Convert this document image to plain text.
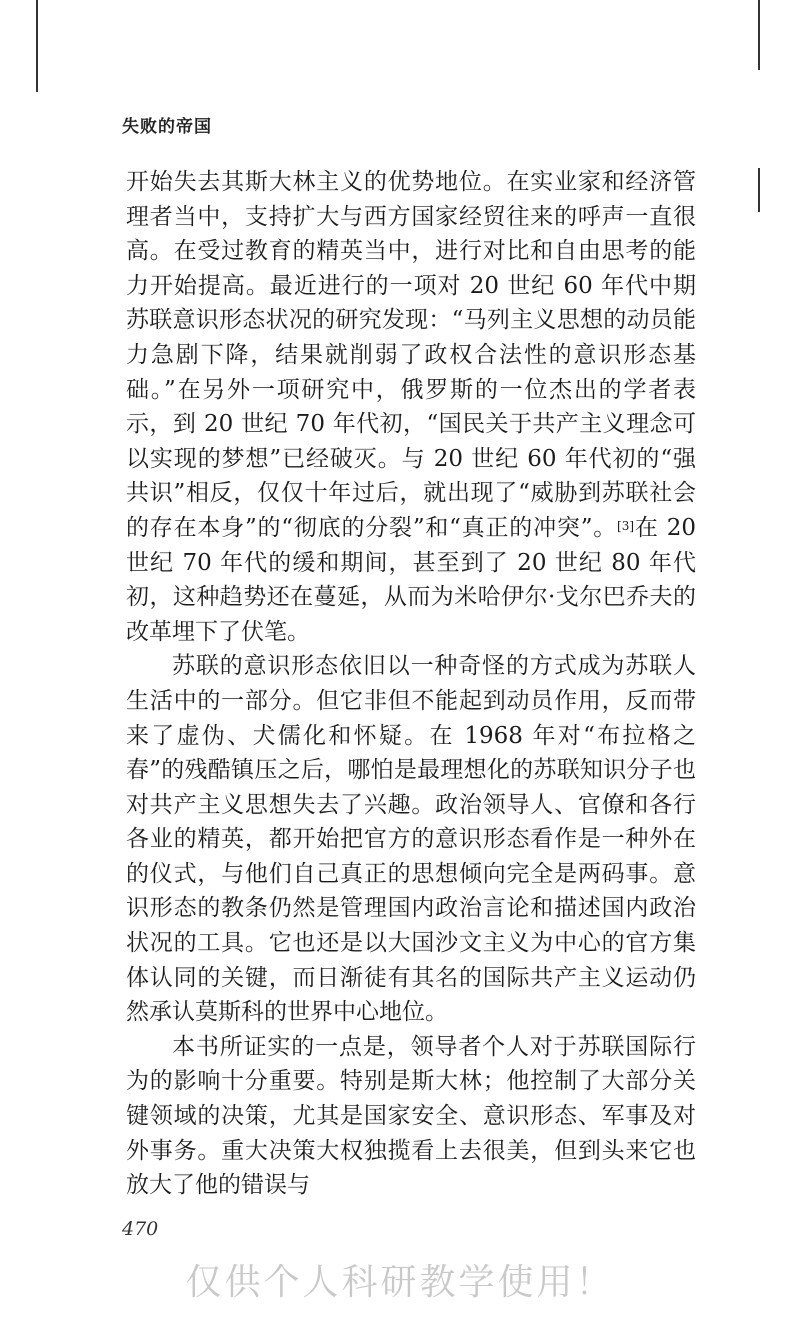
失败的帝国

开始失去其斯大林主义的优势地位。在实业家和经济管理者当中，支持扩大与西方国家经贸往来的呼声一直很高。在受过教育的精英当中，进行对比和自由思考的能力开始提高。最近进行的一项对 20 世纪 60 年代中期苏联意识形态状况的研究发现：“马列主义思想的动员能力急剧下降，结果就削弱了政权合法性的意识形态基础。”在另外一项研究中，俄罗斯的一位杰出的学者表示，到 20 世纪 70 年代初，“国民关于共产主义理念可以实现的梦想”已经破灭。与 20 世纪 60 年代初的“强共识”相反，仅仅十年过后，就出现了“威胁到苏联社会的存在本身”的“彻底的分裂”和“真正的冲突”。[3]在 20 世纪 70 年代的缓和期间，甚至到了 20 世纪 80 年代初，这种趋势还在蔓延，从而为米哈伊尔·戈尔巴乔夫的改革埋下了伏笔。

苏联的意识形态依旧以一种奇怪的方式成为苏联人生活中的一部分。但它非但不能起到动员作用，反而带来了虚伪、犬儒化和怀疑。在 1968 年对“布拉格之春”的残酷镇压之后，哪怕是最理想化的苏联知识分子也对共产主义思想失去了兴趣。政治领导人、官僚和各行各业的精英，都开始把官方的意识形态看作是一种外在的仪式，与他们自己真正的思想倾向完全是两码事。意识形态的教条仍然是管理国内政治言论和描述国内政治状况的工具。它也还是以大国沙文主义为中心的官方集体认同的关键，而日渐徒有其名的国际共产主义运动仍然承认莫斯科的世界中心地位。

本书所证实的一点是，领导者个人对于苏联国际行为的影响十分重要。特别是斯大林；他控制了大部分关键领域的决策，尤其是国家安全、意识形态、军事及对外事务。重大决策大权独揽看上去很美，但到头来它也放大了他的错误与

470
仅供个人科研教学使用！
